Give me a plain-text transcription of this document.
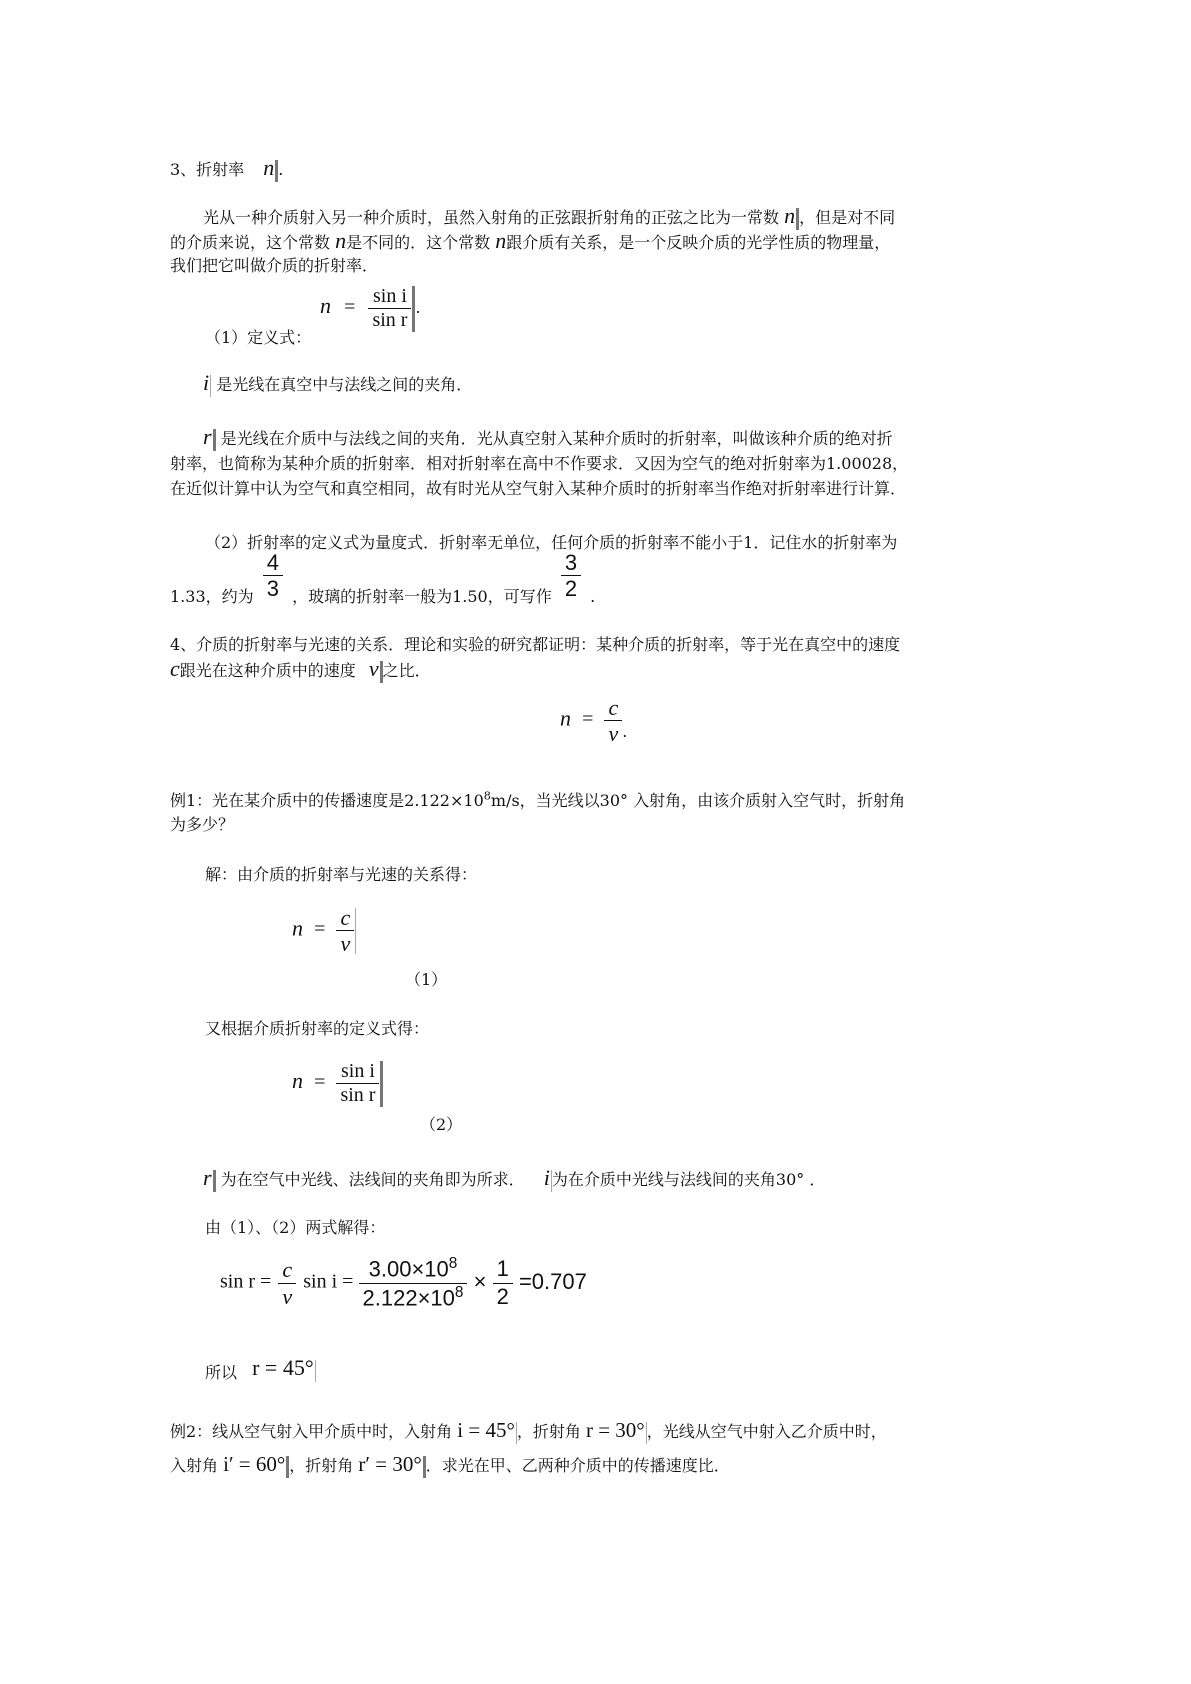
3、折射率 n .
光从一种介质射入另一种介质时，虽然入射角的正弦跟折射角的正弦之比为一常数 n ，但是对不同
的介质来说，这个常数 n是不同的．这个常数 n跟介质有关系，是一个反映介质的光学性质的物理量，
我们把它叫做介质的折射率．
$n = \frac{\text{sin i}}{\text{sin r}}$ .
（1）定义式：
i 是光线在真空中与法线之间的夹角．
r 是光线在介质中与法线之间的夹角．光从真空射入某种介质时的折射率，叫做该种介质的绝对折
射率，也简称为某种介质的折射率．相对折射率在高中不作要求．又因为空气的绝对折射率为1.00028，
在近似计算中认为空气和真空相同，故有时光从空气射入某种介质时的折射率当作绝对折射率进行计算．
（2）折射率的定义式为量度式．折射率无单位，任何介质的折射率不能小于1．记住水的折射率为
1.33，约为 $\frac{4}{3}$ ，玻璃的折射率一般为1.50，可写作 $\frac{3}{2}$ .
4、介质的折射率与光速的关系．理论和实验的研究都证明：某种介质的折射率，等于光在真空中的速度
c跟光在这种介质中的速度 v 之比．
$n = \frac{c}{v}$ .
例1：光在某介质中的传播速度是$2.122\times 10^8m/s$，当光线以30° 入射角，由该介质射入空气时，折射角
为多少？
解：由介质的折射率与光速的关系得：
$n = \frac{c}{v}$
（1）
又根据介质折射率的定义式得：
$n = \frac{\text{sin i}}{\text{sin r}}$
（2）
r 为在空气中光线、法线间的夹角即为所求． i 为在介质中光线与法线间的夹角30° ．
由（1）、（2）两式解得：
$\sin r = \frac{c}{v}$ $\sin i = \frac{3.00\times 10^8}{2.122\times 10^8} \times \frac{1}{2} =0.707$
所以 r = 45°
例2：线从空气射入甲介质中时，入射角 i = 45° ，折射角 r = 30° ，光线从空气中射入乙介质中时，
入射角 i′ = 60° ，折射角 r′ = 30° ．求光在甲、乙两种介质中的传播速度比．
